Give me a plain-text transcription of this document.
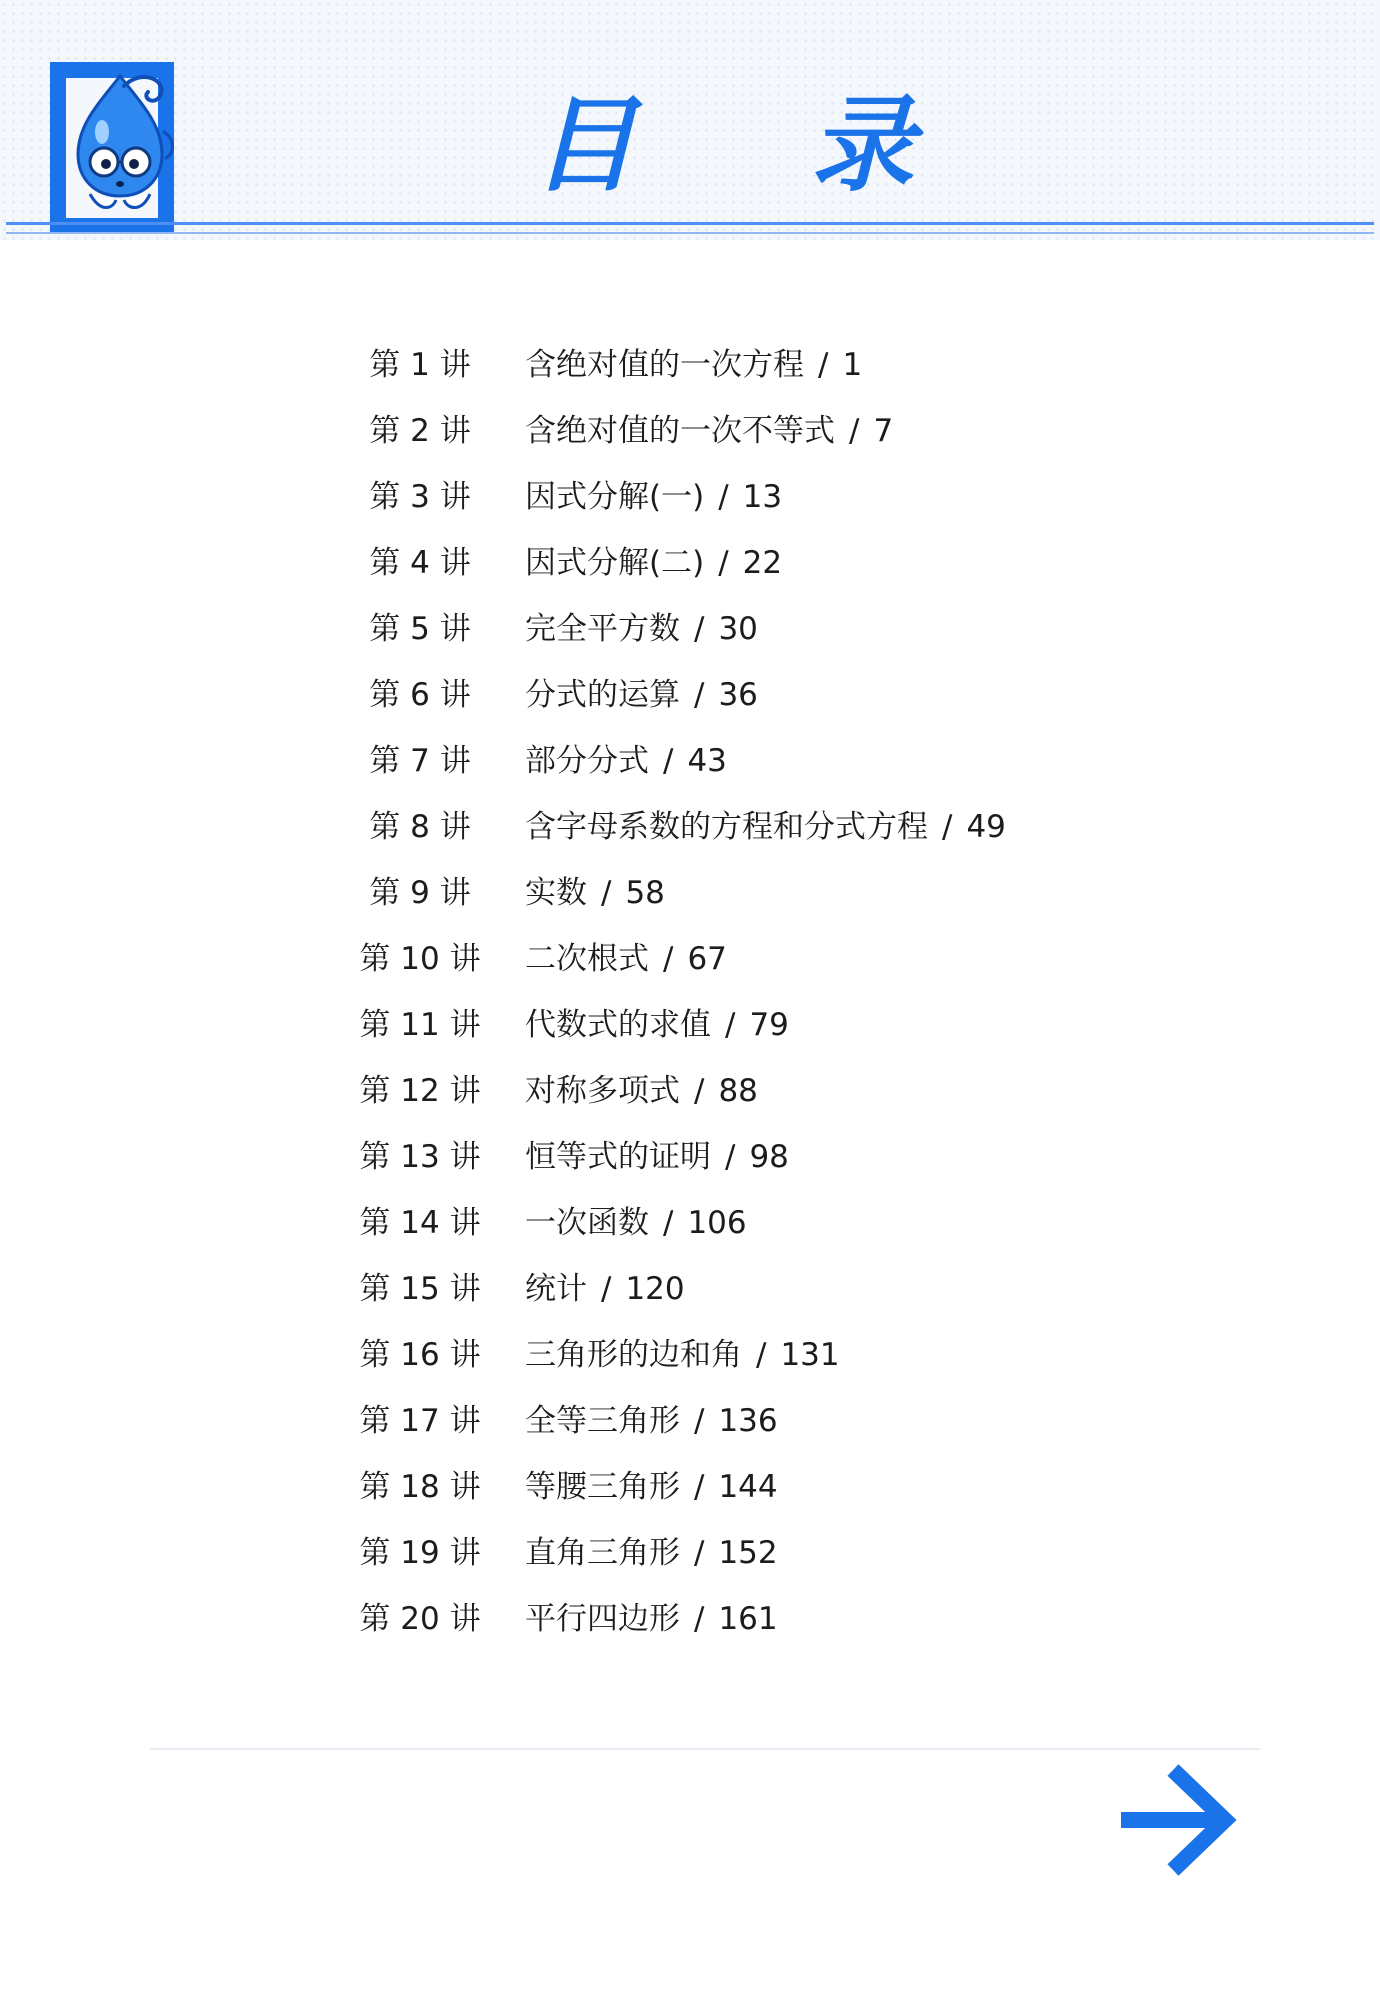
目 录
第 1 讲	含绝对值的一次方程 / 1
第 2 讲	含绝对值的一次不等式 / 7
第 3 讲	因式分解(一) / 13
第 4 讲	因式分解(二) / 22
第 5 讲	完全平方数 / 30
第 6 讲	分式的运算 / 36
第 7 讲	部分分式 / 43
第 8 讲	含字母系数的方程和分式方程 / 49
第 9 讲	实数 / 58
第 10 讲	二次根式 / 67
第 11 讲	代数式的求值 / 79
第 12 讲	对称多项式 / 88
第 13 讲	恒等式的证明 / 98
第 14 讲	一次函数 / 106
第 15 讲	统计 / 120
第 16 讲	三角形的边和角 / 131
第 17 讲	全等三角形 / 136
第 18 讲	等腰三角形 / 144
第 19 讲	直角三角形 / 152
第 20 讲	平行四边形 / 161
